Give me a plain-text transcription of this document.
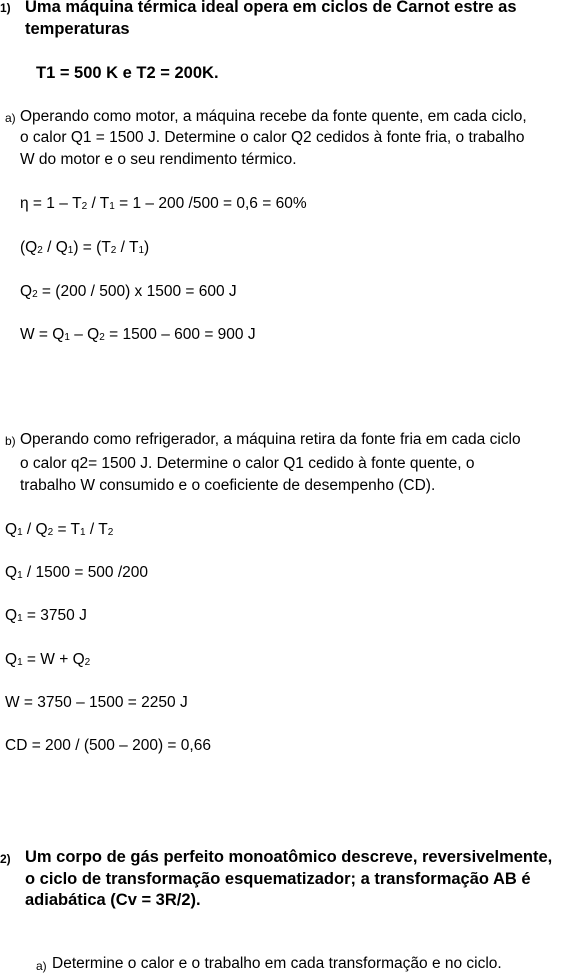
1) Uma máquina térmica ideal opera em ciclos de Carnot estre as
temperaturas
T1 = 500 K e T2 = 200K.
a) Operando como motor, a máquina recebe da fonte quente, em cada ciclo,
o calor Q1 = 1500 J. Determine o calor Q2 cedidos à fonte fria, o trabalho
W do motor e o seu rendimento térmico.
$\eta = 1 - T_2 / T_1 = 1 - 200$ /500 = 0,6 = 60%
$(Q_2 / Q_1) = (T_2 / T_1)$
$Q_2 = (200 / 500)$ x 1500 = 600 J
$W = Q_1 - Q_2 = 1500 - 600 = 900$ J
b) Operando como refrigerador, a máquina retira da fonte fria em cada ciclo
o calor q2= 1500 J. Determine o calor Q1 cedido à fonte quente, o
trabalho W consumido e o coeficiente de desempenho (CD).
$Q_1 / Q_2 = T_1 / T_2$
$Q_1 / 1500 = 500$ /200
$Q_1 = 3750$ J
$Q_1 = W + Q_2$
W = 3750 – 1500 = 2250 J
CD = 200 / (500 – 200) = 0,66
2) Um corpo de gás perfeito monoatômico descreve, reversivelmente,
o ciclo de transformação esquematizador; a transformação AB é
adiabática (Cv = 3R/2).
a) Determine o calor e o trabalho em cada transformação e no ciclo.
